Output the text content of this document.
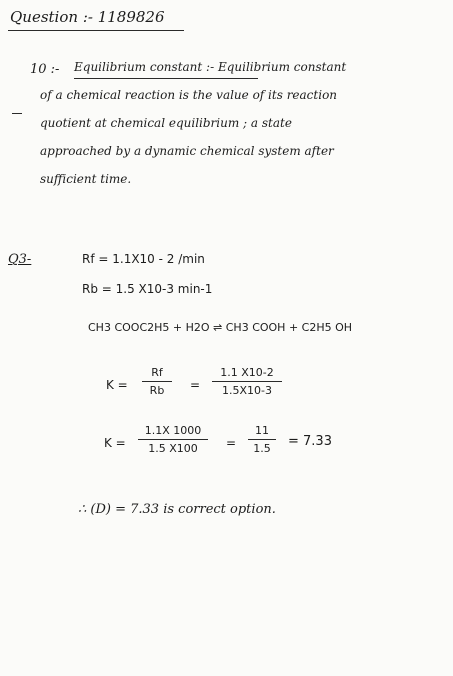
Question :- 1189826
10 :- Equilibrium constant :- Equilibrium constant
of a chemical reaction is the value of its reaction
quotient at chemical equilibrium ; a state
approached by a dynamic chemical system after
sufficient time.
Q3-	Rf = 1.1X10 - 2 /min
Rb = 1.5 X10-3 min-1
CH3 COOC2H5 + H2O ⇌ CH3 COOH + C2H5 OH
K =
Rf
Rb	=
1.1 X10-2
1.5X10-3
K =
1.1X 1000
1.5 X100	=
11
1.5	= 7.33
∴ (D) = 7.33 is correct option.
